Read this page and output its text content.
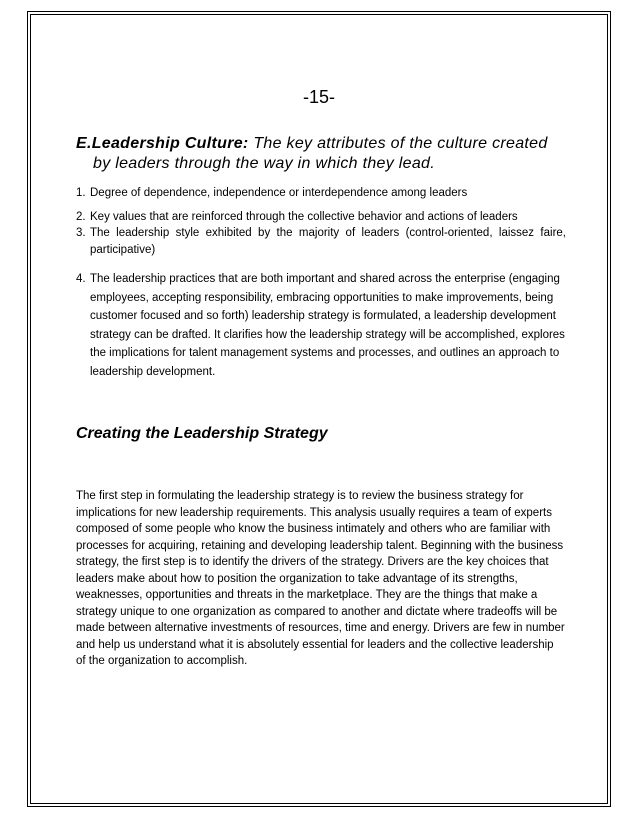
-15-
E.Leadership Culture: The key attributes of the culture created
by leaders through the way in which they lead.
1. Degree of dependence, independence or interdependence among leaders
2. Key values that are reinforced through the collective behavior and actions of leaders
3. The leadership style exhibited by the majority of leaders (control-oriented, laissez faire, participative)
4. The leadership practices that are both important and shared across the enterprise (engaging employees, accepting responsibility, embracing opportunities to make improvements, being customer focused and so forth) leadership strategy is formulated, a leadership development strategy can be drafted. It clarifies how the leadership strategy will be accomplished, explores the implications for talent management systems and processes, and outlines an approach to leadership development.
Creating the Leadership Strategy

The first step in formulating the leadership strategy is to review the business strategy for implications for new leadership requirements. This analysis usually requires a team of experts composed of some people who know the business intimately and others who are familiar with processes for acquiring, retaining and developing leadership talent. Beginning with the business strategy, the first step is to identify the drivers of the strategy. Drivers are the key choices that leaders make about how to position the organization to take advantage of its strengths, weaknesses, opportunities and threats in the marketplace. They are the things that make a strategy unique to one organization as compared to another and dictate where tradeoffs will be made between alternative investments of resources, time and energy. Drivers are few in number and help us understand what it is absolutely essential for leaders and the collective leadership of the organization to accomplish.
